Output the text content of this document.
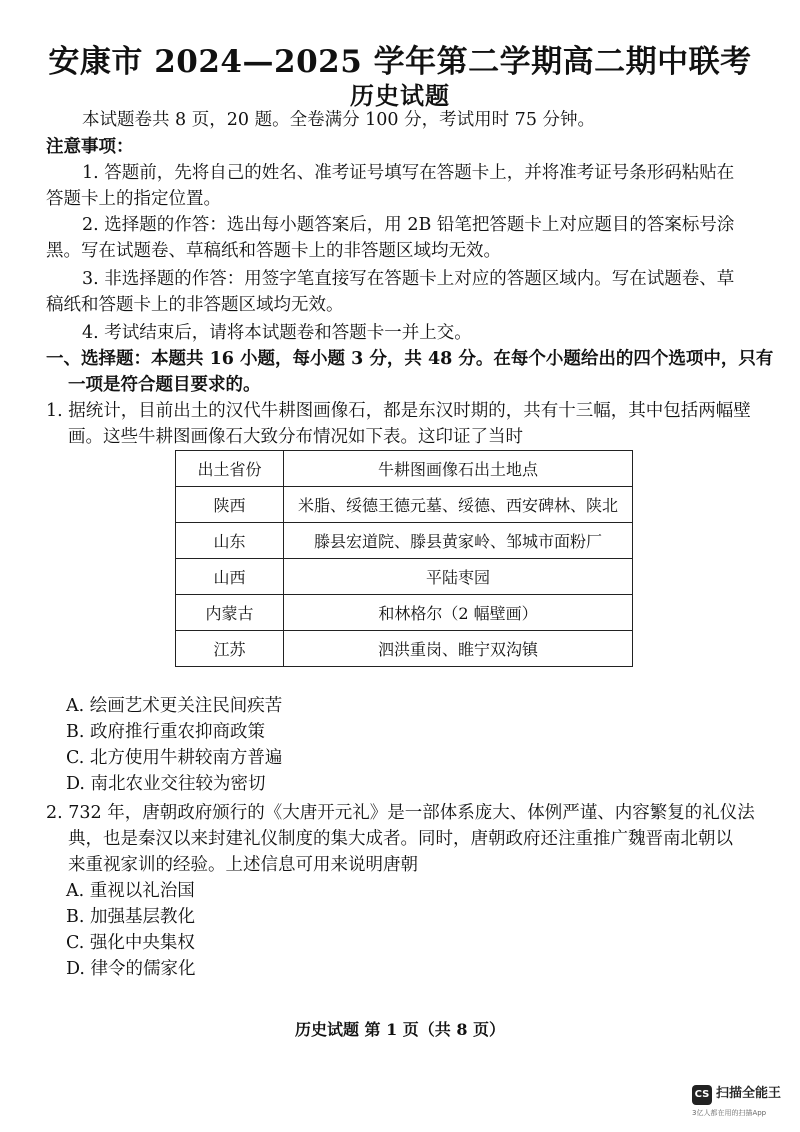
安康市 2024—2025 学年第二学期高二期中联考
历史试题
本试题卷共 8 页，20 题。全卷满分 100 分，考试用时 75 分钟。
注意事项：
1. 答题前，先将自己的姓名、准考证号填写在答题卡上，并将准考证号条形码粘贴在
答题卡上的指定位置。
2. 选择题的作答：选出每小题答案后，用 2B 铅笔把答题卡上对应题目的答案标号涂
黑。写在试题卷、草稿纸和答题卡上的非答题区域均无效。
3. 非选择题的作答：用签字笔直接写在答题卡上对应的答题区域内。写在试题卷、草
稿纸和答题卡上的非答题区域均无效。
4. 考试结束后，请将本试题卷和答题卡一并上交。
一、选择题：本题共 16 小题，每小题 3 分，共 48 分。在每个小题给出的四个选项中，只有
一项是符合题目要求的。
1. 据统计，目前出土的汉代牛耕图画像石，都是东汉时期的，共有十三幅，其中包括两幅壁
画。这些牛耕图画像石大致分布情况如下表。这印证了当时
出土省份	牛耕图画像石出土地点
陕西	米脂、绥德王德元墓、绥德、西安碑林、陕北
山东	滕县宏道院、滕县黄家岭、邹城市面粉厂
山西	平陆枣园
内蒙古	和林格尔（2 幅壁画）
江苏	泗洪重岗、睢宁双沟镇
A. 绘画艺术更关注民间疾苦
B. 政府推行重农抑商政策
C. 北方使用牛耕较南方普遍
D. 南北农业交往较为密切
2. 732 年，唐朝政府颁行的《大唐开元礼》是一部体系庞大、体例严谨、内容繁复的礼仪法
典，也是秦汉以来封建礼仪制度的集大成者。同时，唐朝政府还注重推广魏晋南北朝以
来重视家训的经验。上述信息可用来说明唐朝
A. 重视以礼治国
B. 加强基层教化
C. 强化中央集权
D. 律令的儒家化
历史试题 第 1 页（共 8 页）
CS 扫描全能王
3亿人都在用的扫描App
